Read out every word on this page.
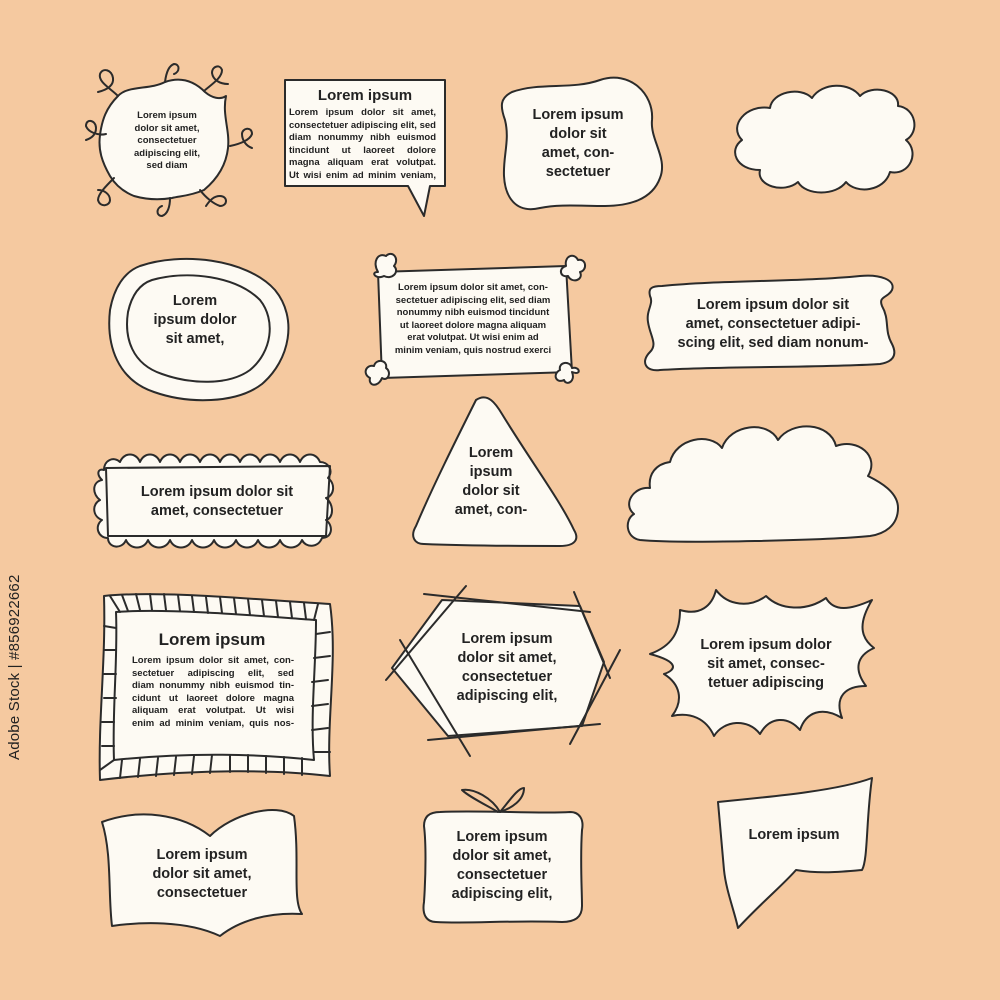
Lorem ipsum
dolor sit amet,
consectetuer
adipiscing elit,
sed diam
Lorem ipsum
Lorem ipsum dolor sit amet,
consectetuer adipiscing elit, sed
diam nonummy nibh euismod
tincidunt ut laoreet dolore
magna aliquam erat volutpat.
Ut wisi enim ad minim veniam,
Lorem ipsum
dolor sit
amet, con-
sectetuer
Lorem
ipsum dolor
sit amet,
Lorem ipsum dolor sit amet, con-
sectetuer adipiscing elit, sed diam
nonummy nibh euismod tincidunt
ut laoreet dolore magna aliquam
erat volutpat. Ut wisi enim ad
minim veniam, quis nostrud exerci
Lorem ipsum dolor sit
amet, consectetuer adipi-
scing elit, sed diam nonum-
Lorem ipsum dolor sit
amet, consectetuer
Lorem
ipsum
dolor sit
amet, con-
Lorem ipsum
Lorem ipsum dolor sit amet, con-
sectetuer adipiscing elit, sed
diam nonummy nibh euismod tin-
cidunt ut laoreet dolore magna
aliquam erat volutpat. Ut wisi
enim ad minim veniam, quis nos-
Lorem ipsum
dolor sit amet,
consectetuer
adipiscing elit,
Lorem ipsum dolor
sit amet, consec-
tetuer adipiscing
Lorem ipsum
dolor sit amet,
consectetuer
Lorem ipsum
dolor sit amet,
consectetuer
adipiscing elit,
Lorem ipsum
Adobe Stock | #856922662
